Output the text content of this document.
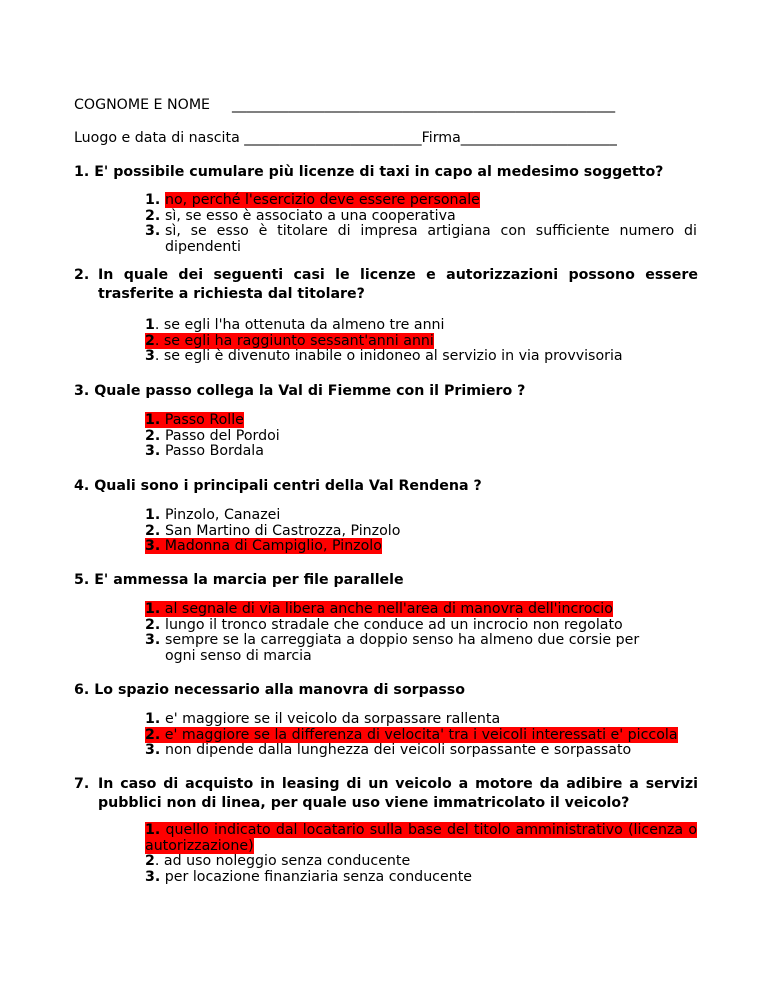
COGNOME E NOME ______________________________________________________
Luogo e data di nascita _________________________Firma______________________
1. E' possibile cumulare più licenze di taxi in capo al medesimo soggetto?
1. no, perché l'esercizio deve essere personale
2. sì, se esso è associato a una cooperativa
3. sì, se esso è titolare di impresa artigiana con sufficiente numero di dipendenti
2. In quale dei seguenti casi le licenze e autorizzazioni possono essere trasferite a richiesta dal titolare?
1. se egli l'ha ottenuta da almeno tre anni
2. se egli ha raggiunto sessant'anni anni
3. se egli è divenuto inabile o inidoneo al servizio in via provvisoria
3. Quale passo collega la Val di Fiemme con il Primiero ?
1. Passo Rolle
2. Passo del Pordoi
3. Passo Bordala
4. Quali sono i principali centri della Val Rendena ?
1. Pinzolo, Canazei
2. San Martino di Castrozza, Pinzolo
3. Madonna di Campiglio, Pinzolo
5. E' ammessa la marcia per file parallele
1. al segnale di via libera anche nell'area di manovra dell'incrocio
2. lungo il tronco stradale che conduce ad un incrocio non regolato
3. sempre se la carreggiata a doppio senso ha almeno due corsie per ogni senso di marcia
6. Lo spazio necessario alla manovra di sorpasso
1. e' maggiore se il veicolo da sorpassare rallenta
2. e' maggiore se la differenza di velocita' tra i veicoli interessati e' piccola
3. non dipende dalla lunghezza dei veicoli sorpassante e sorpassato
7. In caso di acquisto in leasing di un veicolo a motore da adibire a servizi pubblici non di linea, per quale uso viene immatricolato il veicolo?
1. quello indicato dal locatario sulla base del titolo amministrativo (licenza o autorizzazione)
2. ad uso noleggio senza conducente
3. per locazione finanziaria senza conducente
